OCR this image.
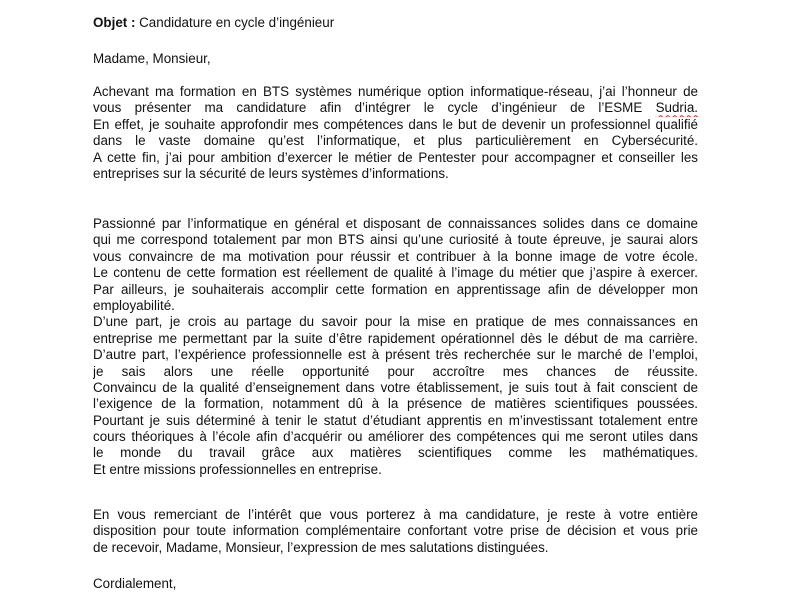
Objet : Candidature en cycle d’ingénieur
Madame, Monsieur,
Achevant ma formation en BTS systèmes numérique option informatique-réseau, j’ai l’honneur de
vous présenter ma candidature afin d’intégrer le cycle d’ingénieur de l’ESME Sudria.
En effet, je souhaite approfondir mes compétences dans le but de devenir un professionnel qualifié
dans le vaste domaine qu’est l’informatique, et plus particulièrement en Cybersécurité.
A cette fin, j’ai pour ambition d’exercer le métier de Pentester pour accompagner et conseiller les
entreprises sur la sécurité de leurs systèmes d’informations.
Passionné par l’informatique en général et disposant de connaissances solides dans ce domaine
qui me correspond totalement par mon BTS ainsi qu’une curiosité à toute épreuve, je saurai alors
vous convaincre de ma motivation pour réussir et contribuer à la bonne image de votre école.
Le contenu de cette formation est réellement de qualité à l’image du métier que j’aspire à exercer.
Par ailleurs, je souhaiterais accomplir cette formation en apprentissage afin de développer mon
employabilité.
D’une part, je crois au partage du savoir pour la mise en pratique de mes connaissances en
entreprise me permettant par la suite d’être rapidement opérationnel dès le début de ma carrière.
D’autre part, l’expérience professionnelle est à présent très recherchée sur le marché de l’emploi,
je sais alors une réelle opportunité pour accroître mes chances de réussite.
Convaincu de la qualité d’enseignement dans votre établissement, je suis tout à fait conscient de
l’exigence de la formation, notamment dû à la présence de matières scientifiques poussées.
Pourtant je suis déterminé à tenir le statut d’étudiant apprentis en m’investissant totalement entre
cours théoriques à l’école afin d’acquérir ou améliorer des compétences qui me seront utiles dans
le monde du travail grâce aux matières scientifiques comme les mathématiques.
Et entre missions professionnelles en entreprise.
En vous remerciant de l’intérêt que vous porterez à ma candidature, je reste à votre entière
disposition pour toute information complémentaire confortant votre prise de décision et vous prie
de recevoir, Madame, Monsieur, l’expression de mes salutations distinguées.
Cordialement,
